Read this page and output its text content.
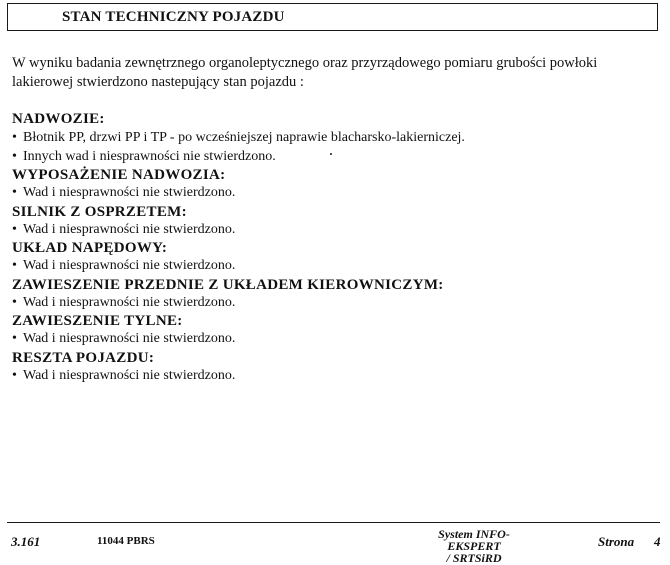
STAN TECHNICZNY POJAZDU
W wyniku badania zewnętrznego organoleptycznego oraz przyrządowego pomiaru grubości powłoki lakierowej stwierdzono nastepujący stan pojazdu :
NADWOZIE:
• Błotnik PP, drzwi PP i TP - po wcześniejszej naprawie blacharsko-lakierniczej.
• Innych wad i niesprawności nie stwierdzono.
WYPOSAŻENIE NADWOZIA:
• Wad i niesprawności nie stwierdzono.
SILNIK Z OSPRZETEM:
• Wad i niesprawności nie stwierdzono.
UKŁAD NAPĘDOWY:
• Wad i niesprawności nie stwierdzono.
ZAWIESZENIE PRZEDNIE Z UKŁADEM KIEROWNICZYM:
• Wad i niesprawności nie stwierdzono.
ZAWIESZENIE TYLNE:
• Wad i niesprawności nie stwierdzono.
RESZTA POJAZDU:
• Wad i niesprawności nie stwierdzono.
3.161	11044 PBRS	System INFO-EKSPERT
/ SRTSiRD
Strona 4
